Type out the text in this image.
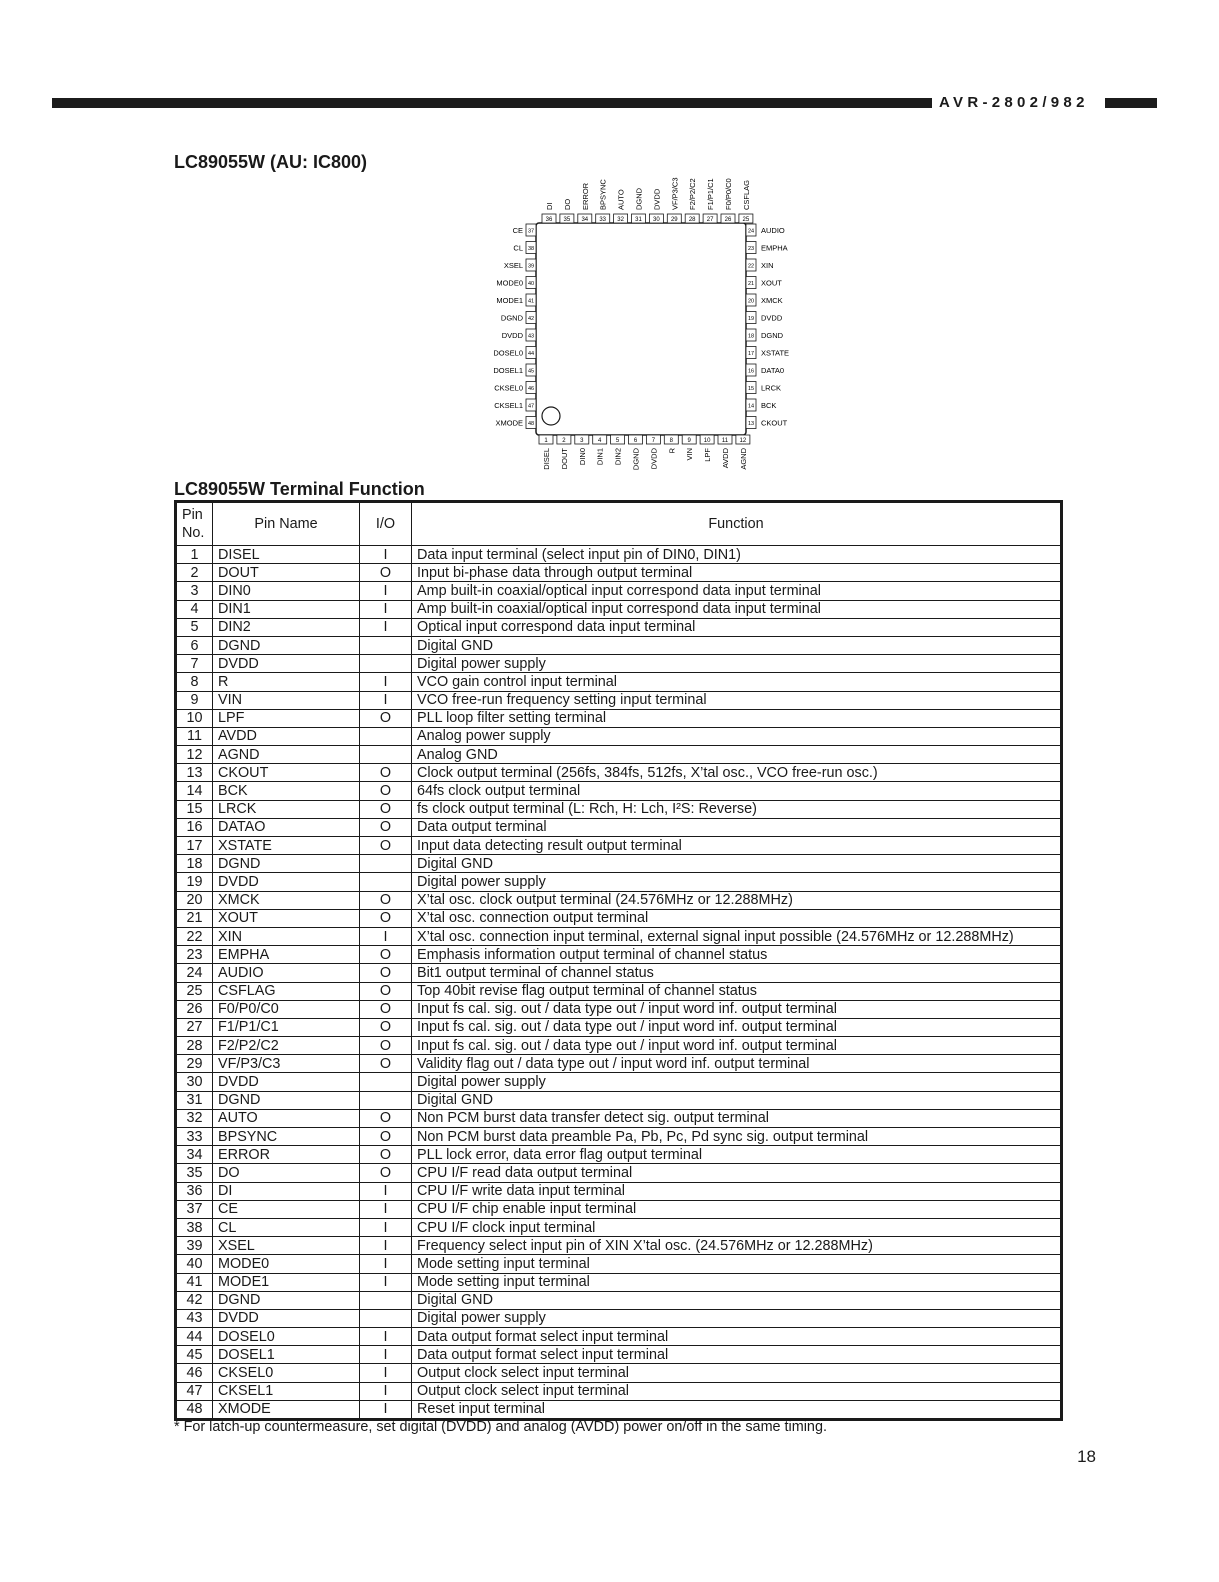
AVR-2802/982
LC89055W (AU: IC800)
36
DI
35
DO
34
ERROR
33
BPSYNC
32
AUTO
31
DGND
30
DVDD
29
VF/P3/C3
28
F2/P2/C2
27
F1/P1/C1
26
F0/P0/C0
25
CSFLAG
1
DISEL
2
DOUT
3
DIN0
4
DIN1
5
DIN2
6
DGND
7
DVDD
8
R
9
VIN
10
LPF
11
AVDD
12
AGND
37
CE
38
CL
39
XSEL
40
MODE0
41
MODE1
42
DGND
43
DVDD
44
DOSEL0
45
DOSEL1
46
CKSEL0
47
CKSEL1
48
XMODE
24 AUDIO
23 EMPHA
22 XIN
21 XOUT
20 XMCK
19 DVDD
18 DGND
17 XSTATE
16 DATA0
15 LRCK
14 BCK
13 CKOUT
LC89055W Terminal Function
Pin
No.	Pin Name	I/O	Function
1	DISEL	I	Data input terminal (select input pin of DIN0, DIN1)
2	DOUT	O	Input bi-phase data through output terminal
3	DIN0	I	Amp built-in coaxial/optical input correspond data input terminal
4	DIN1	I	Amp built-in coaxial/optical input correspond data input terminal
5	DIN2	I	Optical input correspond data input terminal
6	DGND		Digital GND
7	DVDD		Digital power supply
8	R	I	VCO gain control input terminal
9	VIN	I	VCO free-run frequency setting input terminal
10	LPF	O	PLL loop filter setting terminal
11	AVDD		Analog power supply
12	AGND		Analog GND
13	CKOUT	O	Clock output terminal (256fs, 384fs, 512fs, X’tal osc., VCO free-run osc.)
14	BCK	O	64fs clock output terminal
15	LRCK	O	fs clock output terminal (L: Rch, H: Lch, I²S: Reverse)
16	DATAO	O	Data output terminal
17	XSTATE	O	Input data detecting result output terminal
18	DGND		Digital GND
19	DVDD		Digital power supply
20	XMCK	O	X’tal osc. clock output terminal (24.576MHz or 12.288MHz)
21	XOUT	O	X’tal osc. connection output terminal
22	XIN	I	X’tal osc. connection input terminal, external signal input possible (24.576MHz or 12.288MHz)
23	EMPHA	O	Emphasis information output terminal of channel status
24	AUDIO	O	Bit1 output terminal of channel status
25	CSFLAG	O	Top 40bit revise flag output terminal of channel status
26	F0/P0/C0	O	Input fs cal. sig. out / data type out / input word inf. output terminal
27	F1/P1/C1	O	Input fs cal. sig. out / data type out / input word inf. output terminal
28	F2/P2/C2	O	Input fs cal. sig. out / data type out / input word inf. output terminal
29	VF/P3/C3	O	Validity flag out / data type out / input word inf. output terminal
30	DVDD		Digital power supply
31	DGND		Digital GND
32	AUTO	O	Non PCM burst data transfer detect sig. output terminal
33	BPSYNC	O	Non PCM burst data preamble Pa, Pb, Pc, Pd sync sig. output terminal
34	ERROR	O	PLL lock error, data error flag output terminal
35	DO	O	CPU I/F read data output terminal
36	DI	I	CPU I/F write data input terminal
37	CE	I	CPU I/F chip enable input terminal
38	CL	I	CPU I/F clock input terminal
39	XSEL	I	Frequency select input pin of XIN X’tal osc. (24.576MHz or 12.288MHz)
40	MODE0	I	Mode setting input terminal
41	MODE1	I	Mode setting input terminal
42	DGND		Digital GND
43	DVDD		Digital power supply
44	DOSEL0	I	Data output format select input terminal
45	DOSEL1	I	Data output format select input terminal
46	CKSEL0	I	Output clock select input terminal
47	CKSEL1	I	Output clock select input terminal
48	XMODE	I	Reset input terminal
* For latch-up countermeasure, set digital (DVDD) and analog (AVDD) power on/off in the same timing.
18
